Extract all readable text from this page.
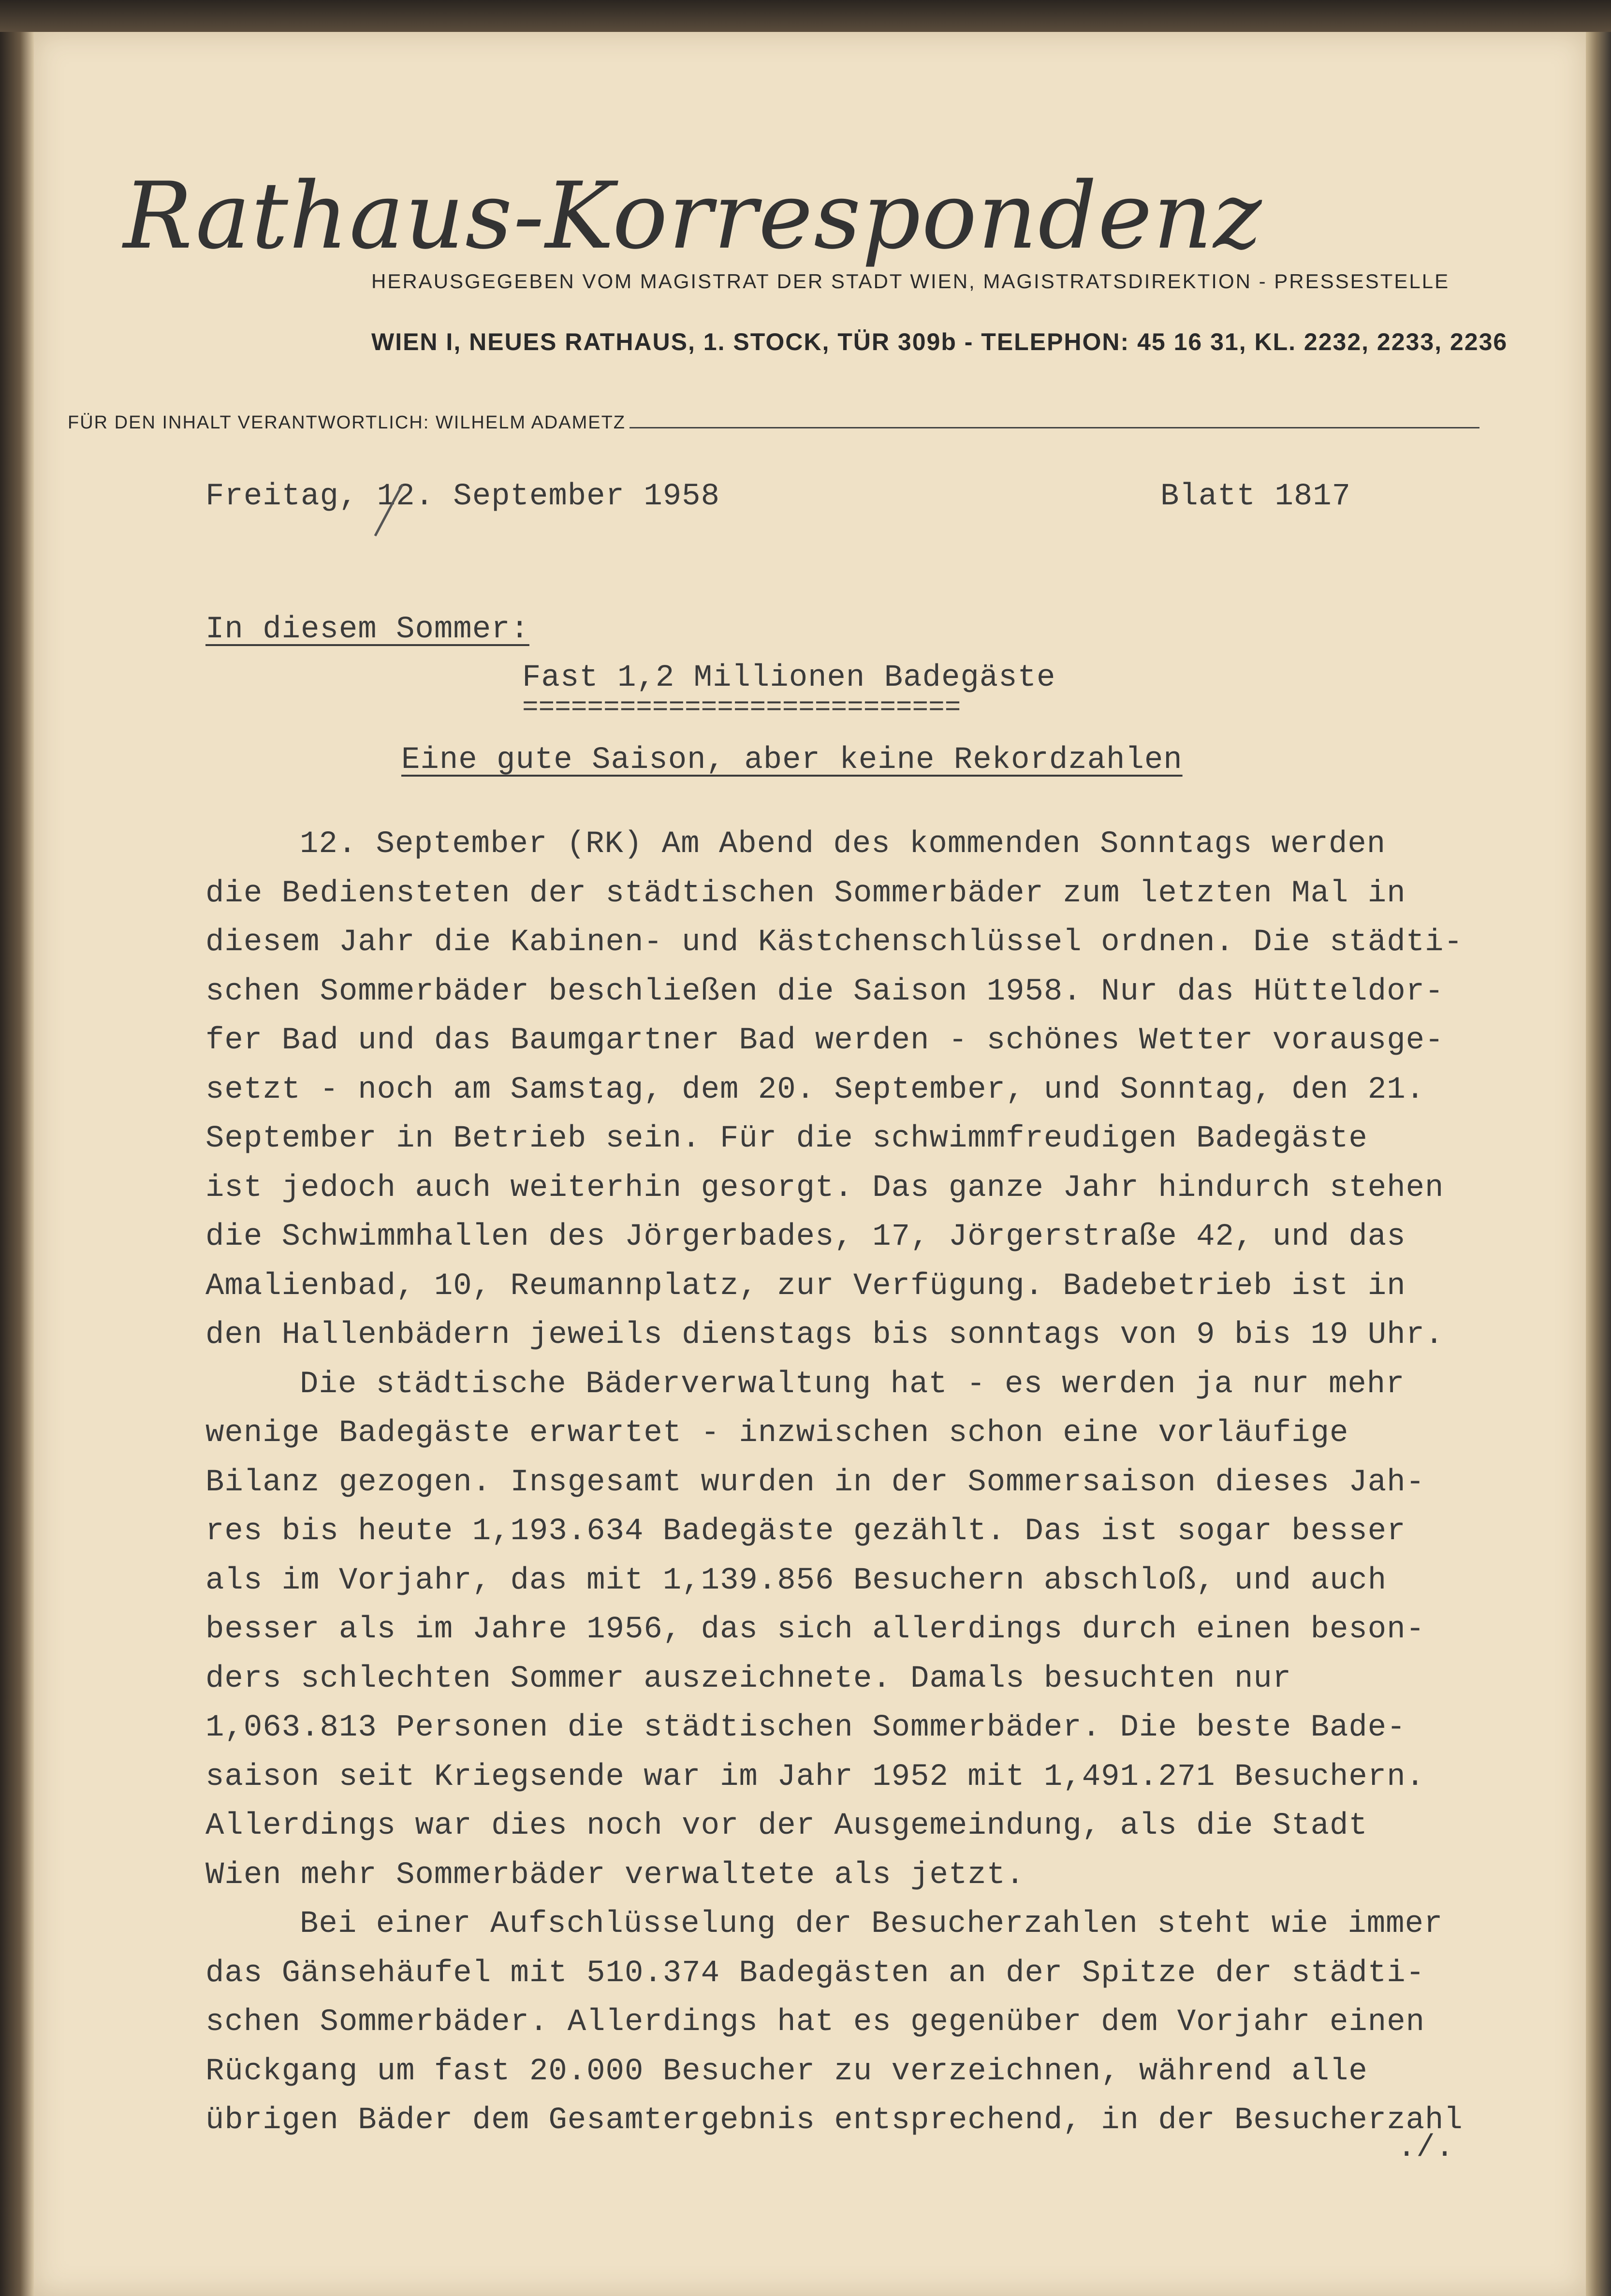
Rathaus-Korrespondenz
HERAUSGEGEBEN VOM MAGISTRAT DER STADT WIEN, MAGISTRATSDIREKTION - PRESSESTELLE
WIEN I, NEUES RATHAUS, 1. STOCK, TÜR 309b - TELEPHON: 45 16 31, KL. 2232, 2233, 2236
FÜR DEN INHALT VERANTWORTLICH: WILHELM ADAMETZ
Freitag, 12. September 1958	Blatt 1817
In diesem Sommer:
Fast 1,2 Millionen Badegäste
===========================
Eine gute Saison, aber keine Rekordzahlen
12. September (RK) Am Abend des kommenden Sonntags werden
die Bediensteten der städtischen Sommerbäder zum letzten Mal in
diesem Jahr die Kabinen- und Kästchenschlüssel ordnen. Die städti-
schen Sommerbäder beschließen die Saison 1958. Nur das Hütteldor-
fer Bad und das Baumgartner Bad werden - schönes Wetter vorausge-
setzt - noch am Samstag, dem 20. September, und Sonntag, den 21.
September in Betrieb sein. Für die schwimmfreudigen Badegäste
ist jedoch auch weiterhin gesorgt. Das ganze Jahr hindurch stehen
die Schwimmhallen des Jörgerbades, 17, Jörgerstraße 42, und das
Amalienbad, 10, Reumannplatz, zur Verfügung. Badebetrieb ist in
den Hallenbädern jeweils dienstags bis sonntags von 9 bis 19 Uhr.
Die städtische Bäderverwaltung hat - es werden ja nur mehr
wenige Badegäste erwartet - inzwischen schon eine vorläufige
Bilanz gezogen. Insgesamt wurden in der Sommersaison dieses Jah-
res bis heute 1,193.634 Badegäste gezählt. Das ist sogar besser
als im Vorjahr, das mit 1,139.856 Besuchern abschloß, und auch
besser als im Jahre 1956, das sich allerdings durch einen beson-
ders schlechten Sommer auszeichnete. Damals besuchten nur
1,063.813 Personen die städtischen Sommerbäder. Die beste Bade-
saison seit Kriegsende war im Jahr 1952 mit 1,491.271 Besuchern.
Allerdings war dies noch vor der Ausgemeindung, als die Stadt
Wien mehr Sommerbäder verwaltete als jetzt.
Bei einer Aufschlüsselung der Besucherzahlen steht wie immer
das Gänsehäufel mit 510.374 Badegästen an der Spitze der städti-
schen Sommerbäder. Allerdings hat es gegenüber dem Vorjahr einen
Rückgang um fast 20.000 Besucher zu verzeichnen, während alle
übrigen Bäder dem Gesamtergebnis entsprechend, in der Besucherzahl
./.
